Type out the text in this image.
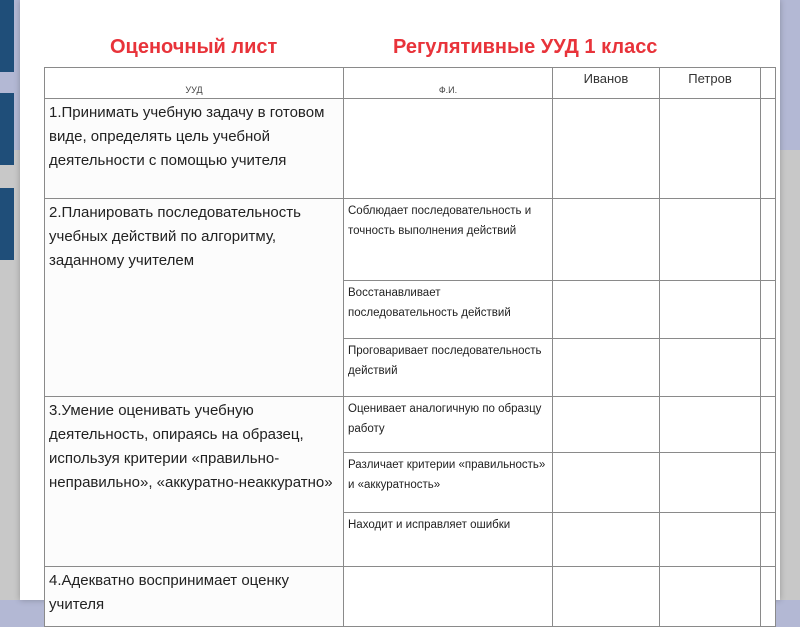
Оценочный лист	Регулятивные УУД 1 класс
УУД	Ф.И.	Иванов	Петров	
1.Принимать учебную задачу в готовом виде, определять цель учебной деятельности с помощью учителя				
2.Планировать последовательность учебных действий по алгоритму, заданному учителем	Соблюдает последовательность и точность выполнения действий			
	Восстанавливает последовательность действий			
	Проговаривает последовательность действий			
3.Умение оценивать учебную деятельность, опираясь на образец, используя критерии «правильно-неправильно», «аккуратно-неаккуратно»	Оценивает аналогичную по образцу работу			
	Различает критерии «правильность» и «аккуратность»			
	Находит и исправляет ошибки			
4.Адекватно воспринимает оценку учителя				
